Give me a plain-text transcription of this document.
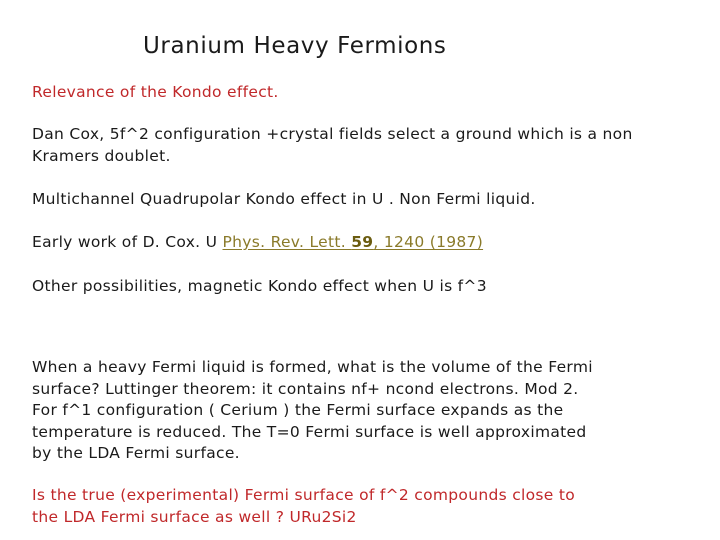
Uranium Heavy Fermions
Relevance of the Kondo effect.
Dan Cox, 5f^2 configuration +crystal fields select a ground which is a non
Kramers doublet.
Multichannel Quadrupolar Kondo effect in U . Non Fermi liquid.
Early work of D. Cox. U Phys. Rev. Lett. 59, 1240 (1987)
Other possibilities, magnetic Kondo effect when U is f^3
When a heavy Fermi liquid is formed, what is the volume of the Fermi
surface? Luttinger theorem: it contains nf+ ncond electrons. Mod 2.
For f^1 configuration ( Cerium ) the Fermi surface expands as the
temperature is reduced. The T=0 Fermi surface is well approximated
by the LDA Fermi surface.
Is the true (experimental) Fermi surface of f^2 compounds close to
the LDA Fermi surface as well ? URu2Si2
